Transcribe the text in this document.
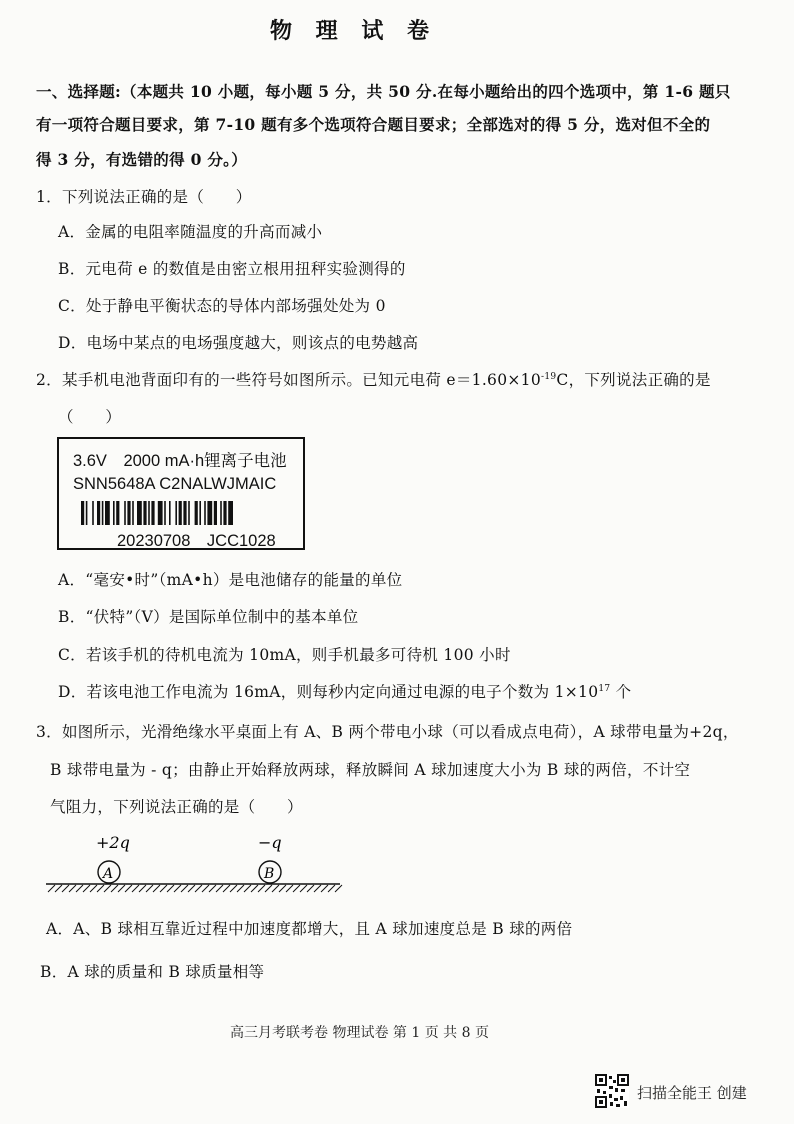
物 理 试 卷
一、选择题:（本题共 10 小题，每小题 5 分，共 50 分.在每小题给出的四个选项中，第 1-6 题只
有一项符合题目要求，第 7-10 题有多个选项符合题目要求；全部选对的得 5 分，选对但不全的
得 3 分，有选错的得 0 分。）
1．下列说法正确的是（　　）
A．金属的电阻率随温度的升高而减小
B．元电荷 e 的数值是由密立根用扭秤实验测得的
C．处于静电平衡状态的导体内部场强处处为 0
D．电场中某点的电场强度越大，则该点的电势越高
2．某手机电池背面印有的一些符号如图所示。已知元电荷 $e=1.60\times 10^{-19}C$，下列说法正确的是
（　　）
3.6V　2000 mA·h锂离子电池
SNN5648A C2NALWJMAIC
20230708　JCC1028
A．“毫安•时”（mA•h）是电池储存的能量的单位
B．“伏特”（V）是国际单位制中的基本单位
C．若该手机的待机电流为 10mA，则手机最多可待机 100 小时
D．若该电池工作电流为 16mA，则每秒内定向通过电源的电子个数为 $1\times 10^{17}$ 个
3．如图所示，光滑绝缘水平桌面上有 A、B 两个带电小球（可以看成点电荷），A 球带电量为+2q，
B 球带电量为 - q；由静止开始释放两球，释放瞬间 A 球加速度大小为 B 球的两倍，不计空
气阻力，下列说法正确的是（　　）
+2q	−q
A	B
A．A、B 球相互靠近过程中加速度都增大，且 A 球加速度总是 B 球的两倍
B．A 球的质量和 B 球质量相等
高三月考联考卷 物理试卷 第 1 页 共 8 页
扫描全能王 创建
